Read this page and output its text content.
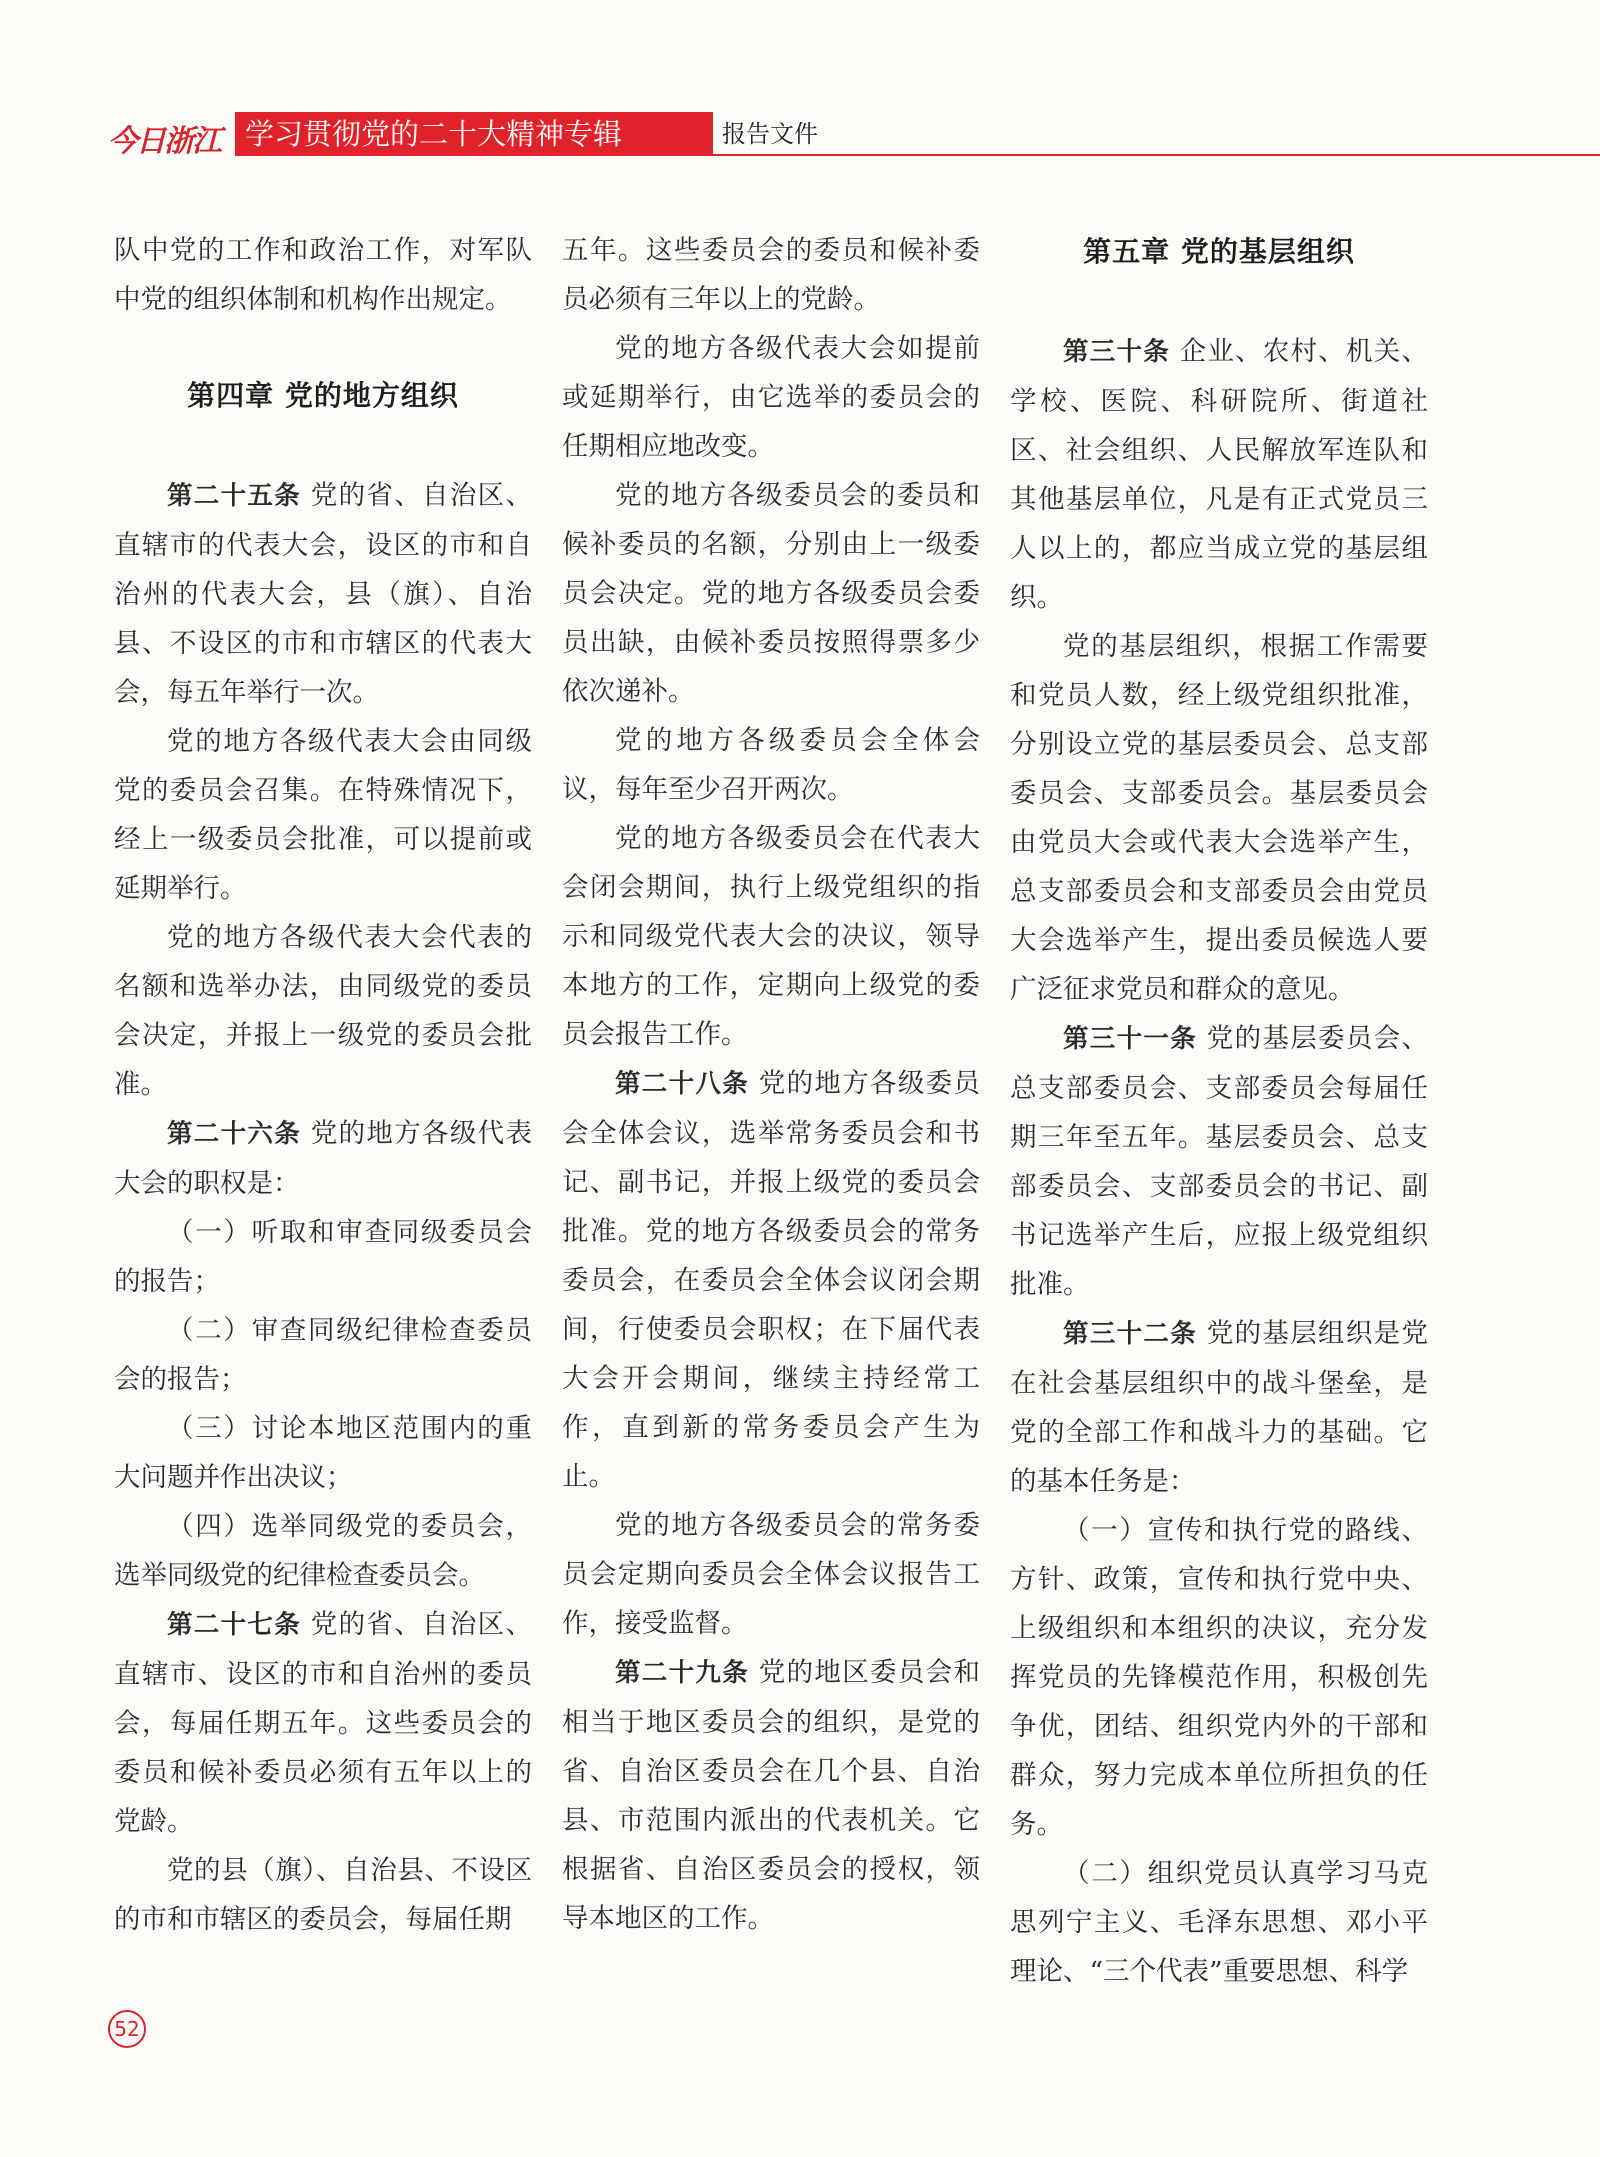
今日浙江 学习贯彻党的二十大精神专辑	报告文件

队中党的工作和政治工作，对军队中党的组织体制和机构作出规定。

第四章 党的地方组织

第二十五条 党的省、自治区、直辖市的代表大会，设区的市和自治州的代表大会，县（旗）、自治县、不设区的市和市辖区的代表大会，每五年举行一次。

党的地方各级代表大会由同级党的委员会召集。在特殊情况下，经上一级委员会批准，可以提前或延期举行。

党的地方各级代表大会代表的名额和选举办法，由同级党的委员会决定，并报上一级党的委员会批准。

第二十六条 党的地方各级代表大会的职权是：

（一）听取和审查同级委员会的报告；

（二）审查同级纪律检查委员会的报告；

（三）讨论本地区范围内的重大问题并作出决议；

（四）选举同级党的委员会，选举同级党的纪律检查委员会。

第二十七条 党的省、自治区、直辖市、设区的市和自治州的委员会，每届任期五年。这些委员会的委员和候补委员必须有五年以上的党龄。

党的县（旗）、自治县、不设区的市和市辖区的委员会，每届任期

五年。这些委员会的委员和候补委员必须有三年以上的党龄。

党的地方各级代表大会如提前或延期举行，由它选举的委员会的任期相应地改变。

党的地方各级委员会的委员和候补委员的名额，分别由上一级委员会决定。党的地方各级委员会委员出缺，由候补委员按照得票多少依次递补。

党的地方各级委员会全体会议，每年至少召开两次。

党的地方各级委员会在代表大会闭会期间，执行上级党组织的指示和同级党代表大会的决议，领导本地方的工作，定期向上级党的委员会报告工作。

第二十八条 党的地方各级委员会全体会议，选举常务委员会和书记、副书记，并报上级党的委员会批准。党的地方各级委员会的常务委员会，在委员会全体会议闭会期间，行使委员会职权；在下届代表大会开会期间，继续主持经常工作，直到新的常务委员会产生为止。

党的地方各级委员会的常务委员会定期向委员会全体会议报告工作，接受监督。

第二十九条 党的地区委员会和相当于地区委员会的组织，是党的省、自治区委员会在几个县、自治县、市范围内派出的代表机关。它根据省、自治区委员会的授权，领导本地区的工作。

第五章 党的基层组织

第三十条 企业、农村、机关、学校、医院、科研院所、街道社区、社会组织、人民解放军连队和其他基层单位，凡是有正式党员三人以上的，都应当成立党的基层组织。

党的基层组织，根据工作需要和党员人数，经上级党组织批准，分别设立党的基层委员会、总支部委员会、支部委员会。基层委员会由党员大会或代表大会选举产生，总支部委员会和支部委员会由党员大会选举产生，提出委员候选人要广泛征求党员和群众的意见。

第三十一条 党的基层委员会、总支部委员会、支部委员会每届任期三年至五年。基层委员会、总支部委员会、支部委员会的书记、副书记选举产生后，应报上级党组织批准。

第三十二条 党的基层组织是党在社会基层组织中的战斗堡垒，是党的全部工作和战斗力的基础。它的基本任务是：

（一）宣传和执行党的路线、方针、政策，宣传和执行党中央、上级组织和本组织的决议，充分发挥党员的先锋模范作用，积极创先争优，团结、组织党内外的干部和群众，努力完成本单位所担负的任务。

（二）组织党员认真学习马克思列宁主义、毛泽东思想、邓小平理论、“三个代表”重要思想、科学

52
